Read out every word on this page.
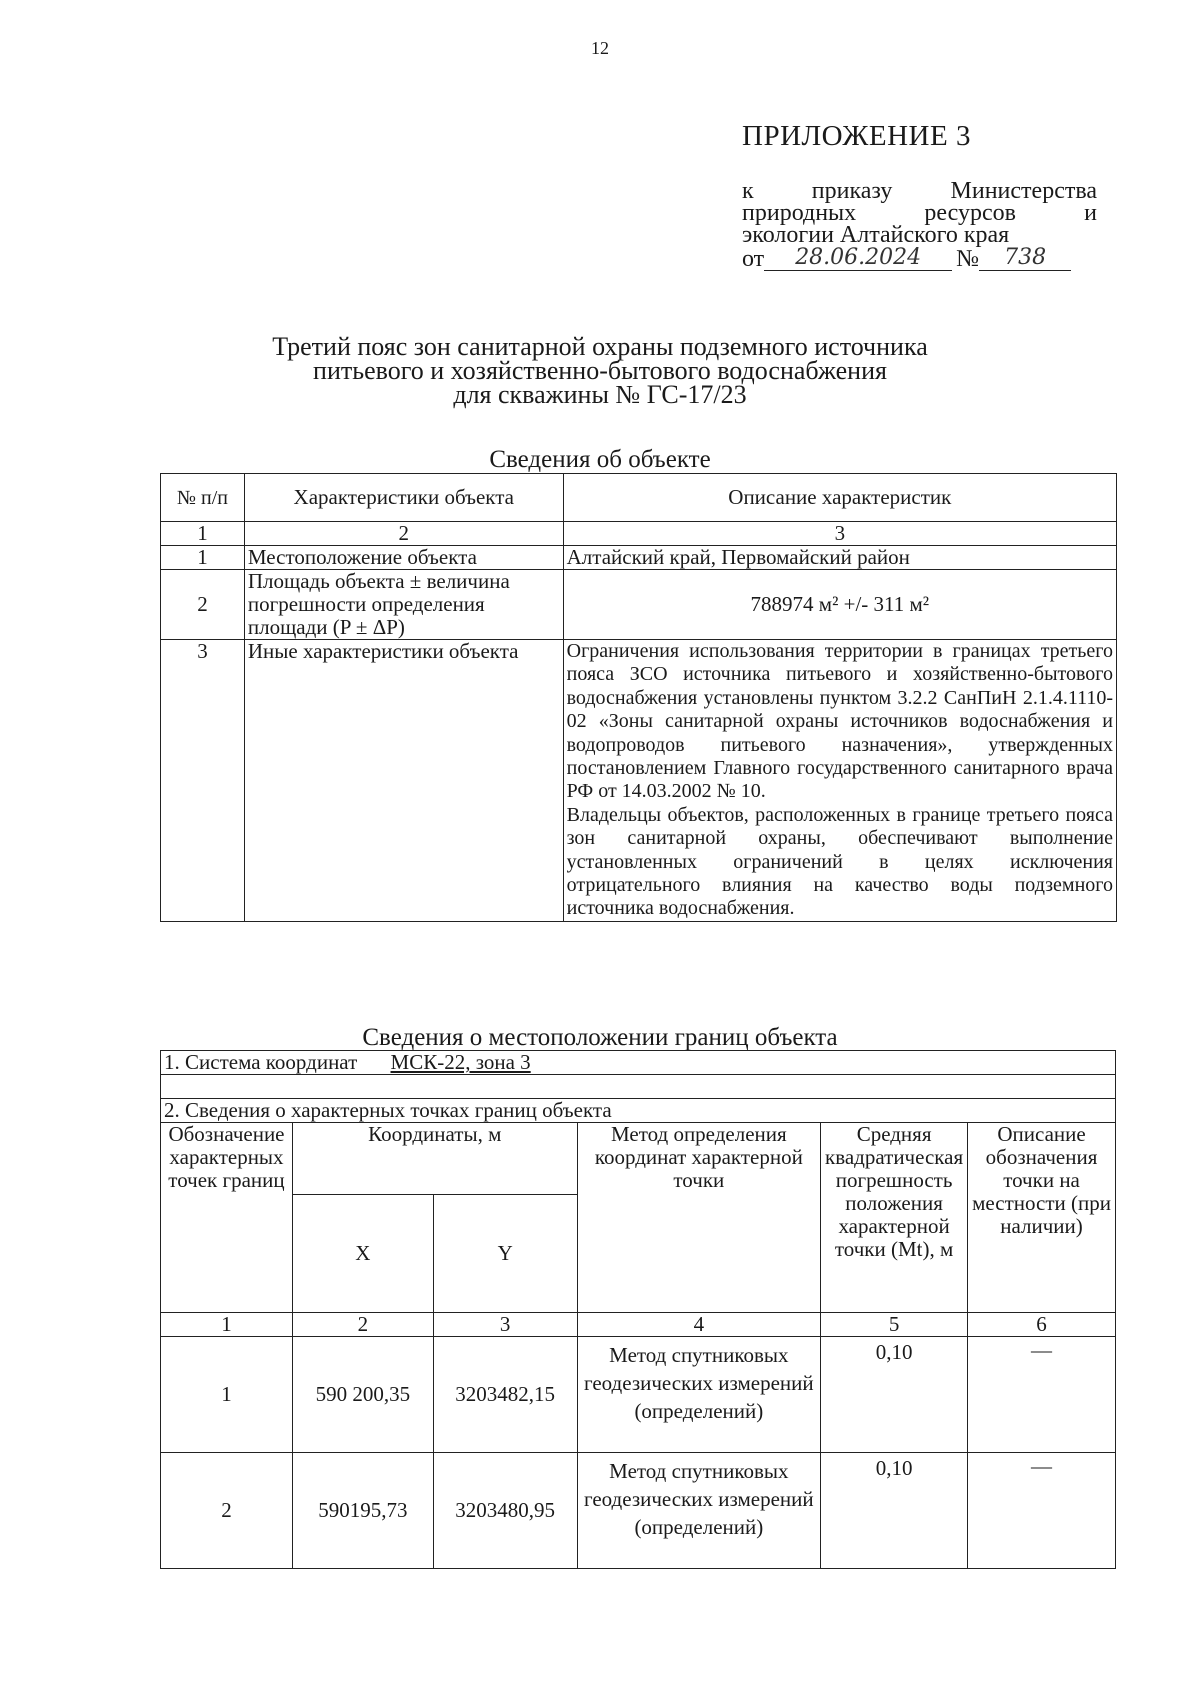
12
ПРИЛОЖЕНИЕ 3
к приказу Министерства
природных ресурсов и
экологии Алтайского края
от	28.06.2024	№	738
Третий пояс зон санитарной охраны подземного источника
питьевого и хозяйственно-бытового водоснабжения
для скважины № ГС-17/23
Сведения об объекте
№ п/п	Характеристики объекта	Описание характеристик
1	2	3
1	Местоположение объекта	Алтайский край, Первомайский район
2	Площадь объекта ± величина погрешности определения площади (P ± ΔP)	788974 м² +/- 311 м²
3	Иные характеристики объекта	Ограничения использования территории в границах третьего пояса ЗСО источника питьевого и хозяйственно-бытового водоснабжения установлены пунктом 3.2.2 СанПиН 2.1.4.1110-02 «Зоны санитарной охраны источников водоснабжения и водопроводов питьевого назначения», утвержденных постановлением Главного государственного санитарного врача РФ от 14.03.2002 № 10.
Владельцы объектов, расположенных в границе третьего пояса зон санитарной охраны, обеспечивают выполнение установленных ограничений в целях исключения отрицательного влияния на качество воды подземного источника водоснабжения.
Сведения о местоположении границ объекта
1. Система координат МСК-22, зона 3					

2. Сведения о характерных точках границ объекта					
Обозначение характерных точек границ	Координаты, м		Метод определения координат характерной точки	Средняя квадратическая погрешность положения характерной точки (Mt), м	Описание обозначения точки на местности (при наличии)
	X	Y			
1	2	3	4	5	6
1	590 200,35	3203482,15	Метод спутниковых геодезических измерений (определений)	0,10	—
2	590195,73	3203480,95	Метод спутниковых геодезических измерений (определений)	0,10	—
